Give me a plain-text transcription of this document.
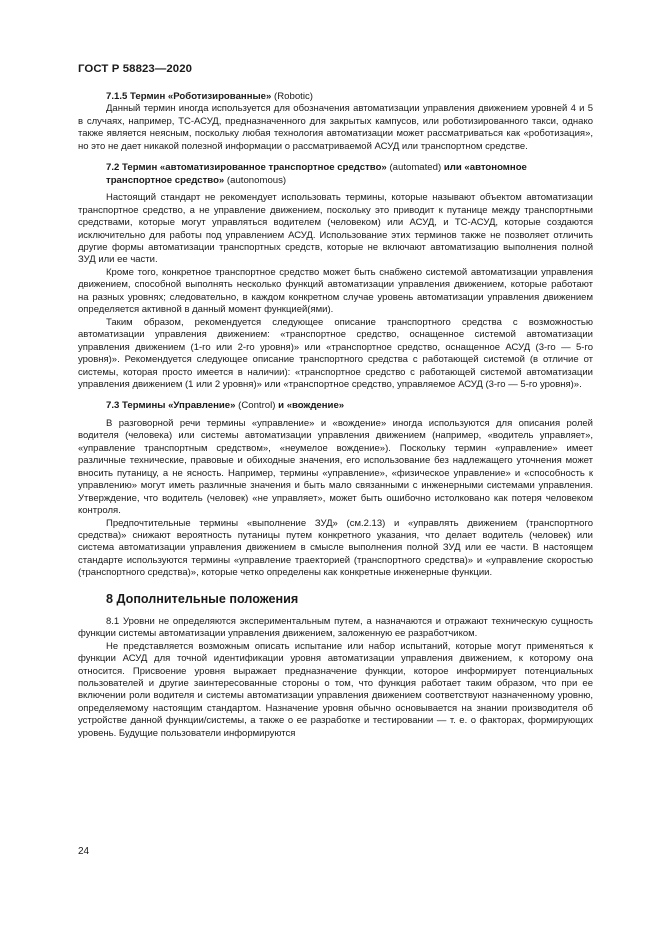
ГОСТ Р 58823—2020
7.1.5 Термин «Роботизированные» (Robotic)

Данный термин иногда используется для обозначения автоматизации управления движением уровней 4 и 5 в случаях, например, ТС-АСУД, предназначенного для закрытых кампусов, или роботизированного такси, однако также является неясным, поскольку любая технология автоматизации может рассматриваться как «роботизация», но это не дает никакой полезной информации о рассматриваемой АСУД или транспортном средстве.

7.2 Термин «автоматизированное транспортное средство» (automated) или «автономное транспортное средство» (autonomous)

Настоящий стандарт не рекомендует использовать термины, которые называют объектом автоматизации транспортное средство, а не управление движением, поскольку это приводит к путанице между транспортными средствами, которые могут управляться водителем (человеком) или АСУД, и ТС-АСУД, которые создаются исключительно для работы под управлением АСУД. Использование этих терминов также не позволяет отличить другие формы автоматизации транспортных средств, которые не включают автоматизацию выполнения полной ЗУД или ее части.

Кроме того, конкретное транспортное средство может быть снабжено системой автоматизации управления движением, способной выполнять несколько функций автоматизации управления движением, которые работают на разных уровнях; следовательно, в каждом конкретном случае уровень автоматизации управления движением определяется активной в данный момент функцией(ями).

Таким образом, рекомендуется следующее описание транспортного средства с возможностью автоматизации управления движением: «транспортное средство, оснащенное системой автоматизации управления движением (1-го или 2-го уровня)» или «транспортное средство, оснащенное АСУД (3-го — 5-го уровня)». Рекомендуется следующее описание транспортного средства с работающей системой (в отличие от системы, которая просто имеется в наличии): «транспортное средство с работающей системой автоматизации управления движением (1 или 2 уровня)» или «транспортное средство, управляемое АСУД (3-го — 5-го уровня)».

7.3 Термины «Управление» (Control) и «вождение»

В разговорной речи термины «управление» и «вождение» иногда используются для описания ролей водителя (человека) или системы автоматизации управления движением (например, «водитель управляет», «управление транспортным средством», «неумелое вождение»). Поскольку термин «управление» имеет различные технические, правовые и обиходные значения, его использование без надлежащего уточнения может вносить путаницу, а не ясность. Например, термины «управление», «физическое управление» и «способность к управлению» могут иметь различные значения и быть мало связанными с инженерными системами управления. Утверждение, что водитель (человек) «не управляет», может быть ошибочно истолковано как потеря человеком контроля.

Предпочтительные термины «выполнение ЗУД» (см.2.13) и «управлять движением (транспортного средства)» снижают вероятность путаницы путем конкретного указания, что делает водитель (человек) или система автоматизации управления движением в смысле выполнения полной ЗУД или ее части. В настоящем стандарте используются термины «управление траекторией (транспортного средства)» и «управление скоростью (транспортного средства)», которые четко определены как конкретные инженерные функции.

8 Дополнительные положения

8.1 Уровни не определяются экспериментальным путем, а назначаются и отражают техническую сущность функции системы автоматизации управления движением, заложенную ее разработчиком.

Не представляется возможным описать испытание или набор испытаний, которые могут применяться к функции АСУД для точной идентификации уровня автоматизации управления движением, к которому она относится. Присвоение уровня выражает предназначение функции, которое информирует потенциальных пользователей и другие заинтересованные стороны о том, что функция работает таким образом, что при ее включении роли водителя и системы автоматизации управления движением соответствуют назначенному уровню, определяемому настоящим стандартом. Назначение уровня обычно основывается на знании производителя об устройстве данной функции/системы, а также о ее разработке и тестировании — т. е. о факторах, формирующих уровень. Будущие пользователи информируются

24
